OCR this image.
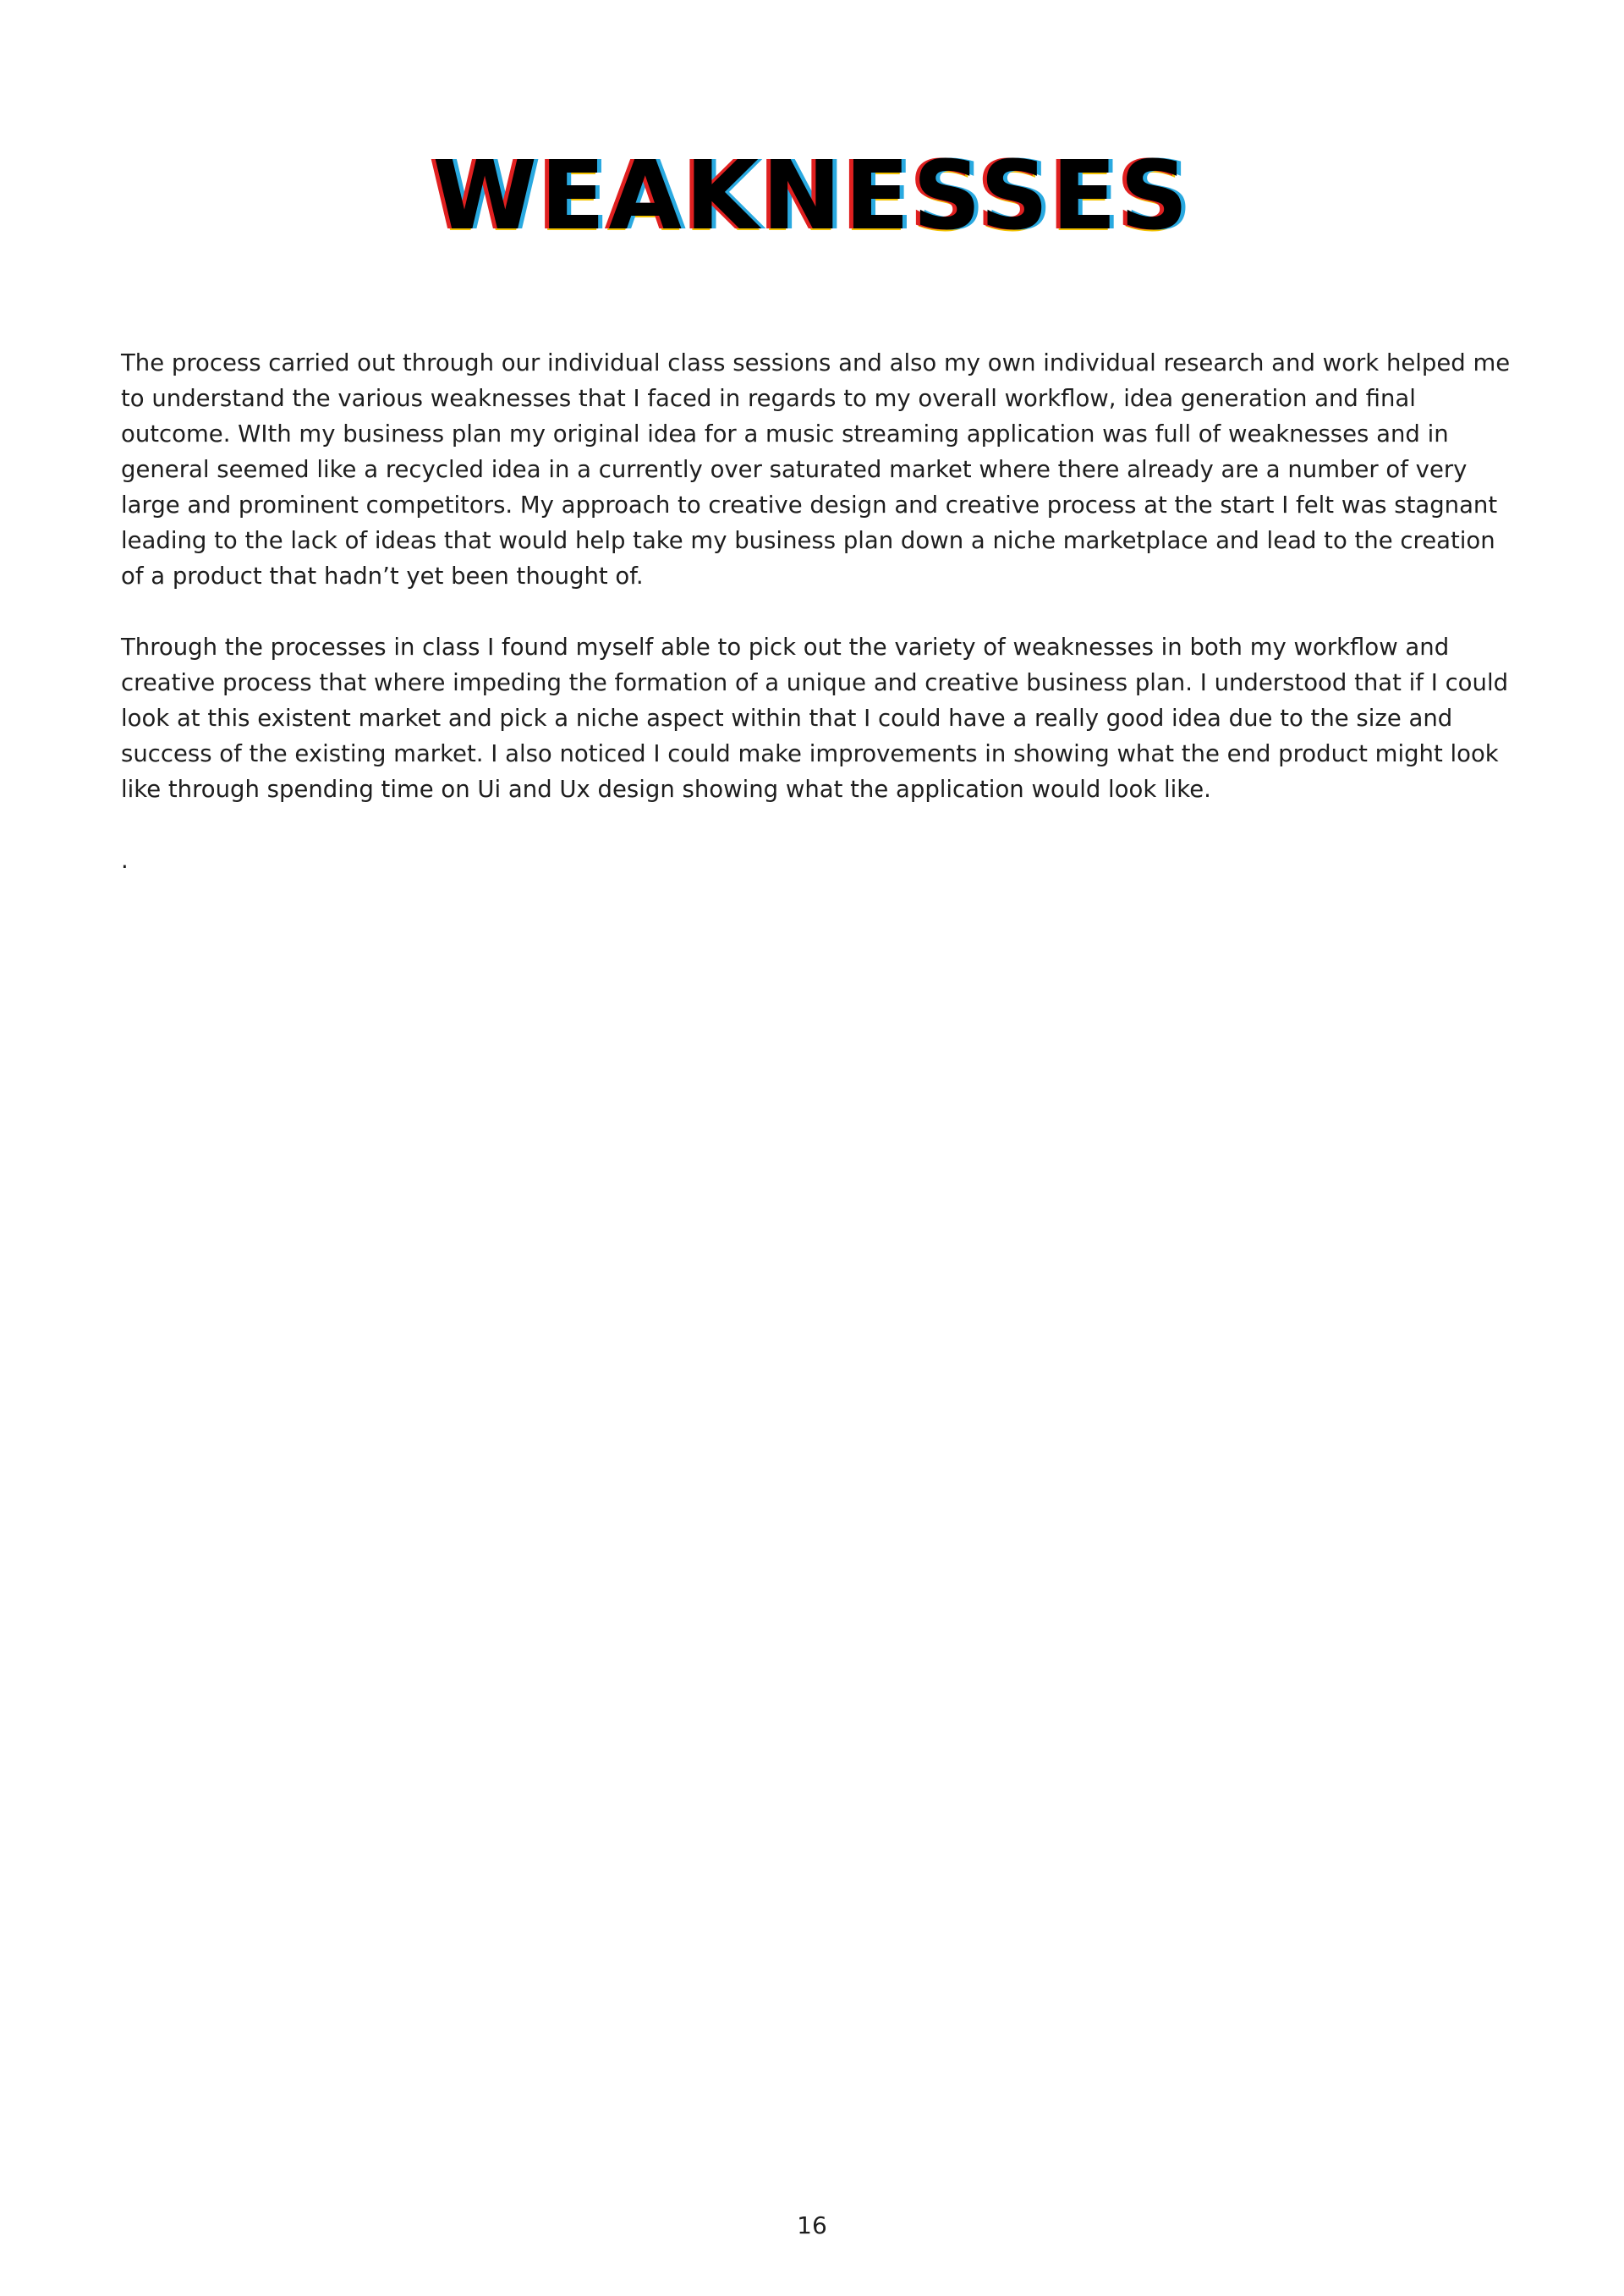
WEAKNESSES

The process carried out through our individual class sessions and also my own individual research and work helped me to understand the various weaknesses that I faced in regards to my overall workflow, idea generation and final outcome. WIth my business plan my original idea for a music streaming application was full of weaknesses and in general seemed like a recycled idea in a currently over saturated market where there already are a number of very large and prominent competitors. My approach to creative design and creative process at the start I felt was stagnant leading to the lack of ideas that would help take my business plan down a niche marketplace and lead to the creation of a product that hadn’t yet been thought of.

Through the processes in class I found myself able to pick out the variety of weaknesses in both my workflow and creative process that where impeding the formation of a unique and creative business plan. I understood that if I could look at this existent market and pick a niche aspect within that I could have a really good idea due to the size and success of the existing market. I also noticed I could make improvements in showing what the end product might look like through spending time on Ui and Ux design showing what the application would look like.

.

16
